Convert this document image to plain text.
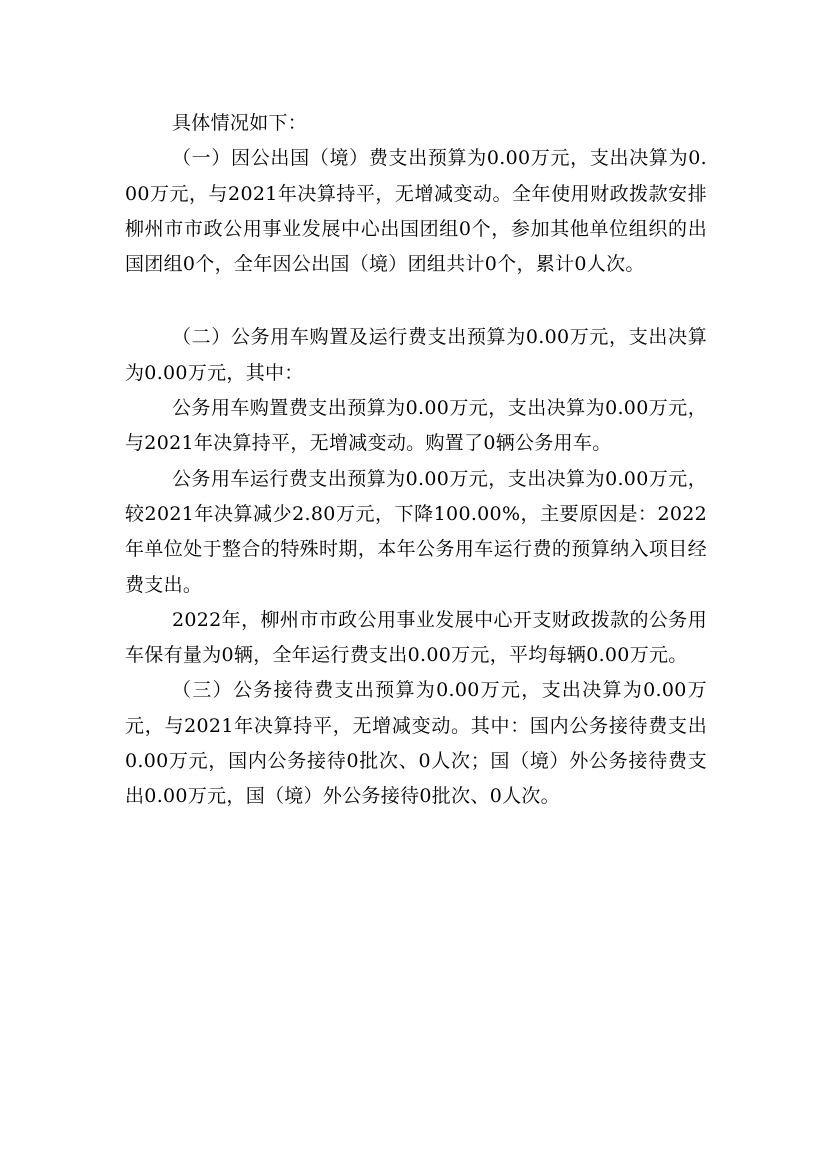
具体情况如下：

（一）因公出国（境）费支出预算为0.00万元，支出决算为0.00万元，与2021年决算持平，无增减变动。全年使用财政拨款安排柳州市市政公用事业发展中心出国团组0个，参加其他单位组织的出国团组0个，全年因公出国（境）团组共计0个，累计0人次。

（二）公务用车购置及运行费支出预算为0.00万元，支出决算为0.00万元，其中：

公务用车购置费支出预算为0.00万元，支出决算为0.00万元，与2021年决算持平，无增减变动。购置了0辆公务用车。

公务用车运行费支出预算为0.00万元，支出决算为0.00万元，较2021年决算减少2.80万元，下降100.00%，主要原因是：2022年单位处于整合的特殊时期，本年公务用车运行费的预算纳入项目经费支出。

2022年，柳州市市政公用事业发展中心开支财政拨款的公务用车保有量为0辆，全年运行费支出0.00万元，平均每辆0.00万元。

（三）公务接待费支出预算为0.00万元，支出决算为0.00万元，与2021年决算持平，无增减变动。其中：国内公务接待费支出0.00万元，国内公务接待0批次、0人次；国（境）外公务接待费支出0.00万元，国（境）外公务接待0批次、0人次。
